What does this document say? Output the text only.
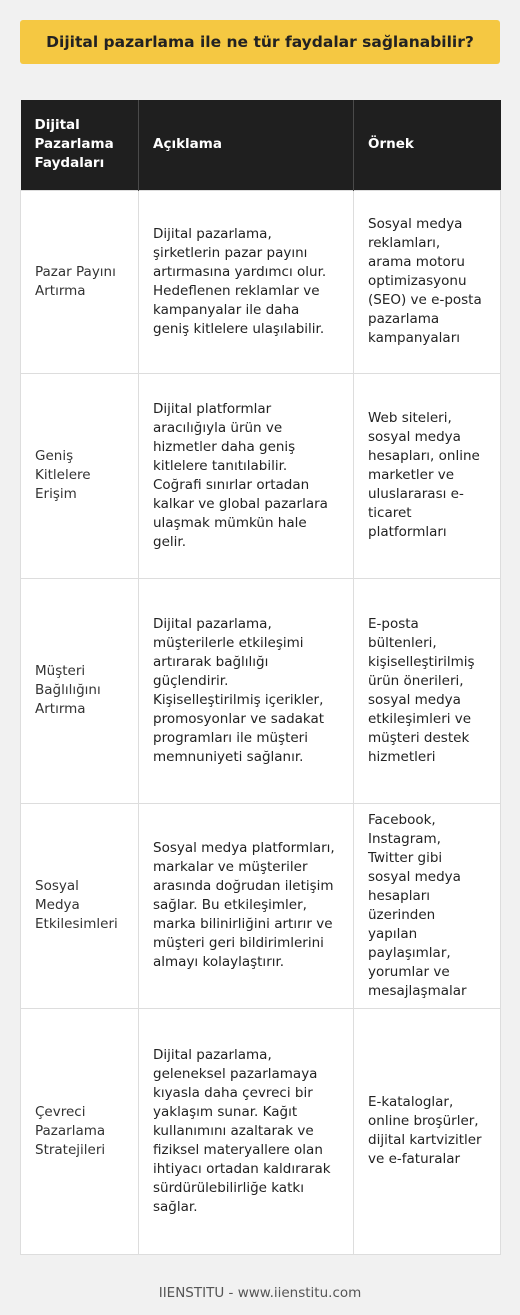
Dijital pazarlama ile ne tür faydalar sağlanabilir?
Dijital Pazarlama Faydaları	Açıklama	Örnek
Pazar Payını Artırma	Dijital pazarlama, şirketlerin pazar payını artırmasına yardımcı olur. Hedeflenen reklamlar ve kampanyalar ile daha geniş kitlelere ulaşılabilir.	Sosyal medya reklamları, arama motoru optimizasyonu (SEO) ve e-posta pazarlama kampanyaları
Geniş Kitlelere Erişim	Dijital platformlar aracılığıyla ürün ve hizmetler daha geniş kitlelere tanıtılabilir. Coğrafi sınırlar ortadan kalkar ve global pazarlara ulaşmak mümkün hale gelir.	Web siteleri, sosyal medya hesapları, online marketler ve uluslararası e-ticaret platformları
Müşteri Bağlılığını Artırma	Dijital pazarlama, müşterilerle etkileşimi artırarak bağlılığı güçlendirir. Kişiselleştirilmiş içerikler, promosyonlar ve sadakat programları ile müşteri memnuniyeti sağlanır.	E-posta bültenleri, kişiselleştirilmiş ürün önerileri, sosyal medya etkileşimleri ve müşteri destek hizmetleri
Sosyal Medya Etkilesimleri	Sosyal medya platformları, markalar ve müşteriler arasında doğrudan iletişim sağlar. Bu etkileşimler, marka bilinirliğini artırır ve müşteri geri bildirimlerini almayı kolaylaştırır.	Facebook, Instagram, Twitter gibi sosyal medya hesapları üzerinden yapılan paylaşımlar, yorumlar ve mesajlaşmalar
Çevreci Pazarlama Stratejileri	Dijital pazarlama, geleneksel pazarlamaya kıyasla daha çevreci bir yaklaşım sunar. Kağıt kullanımını azaltarak ve fiziksel materyallere olan ihtiyacı ortadan kaldırarak sürdürülebilirliğe katkı sağlar.	E-kataloglar, online broşürler, dijital kartvizitler ve e-faturalar
IIENSTITU - www.iienstitu.com
